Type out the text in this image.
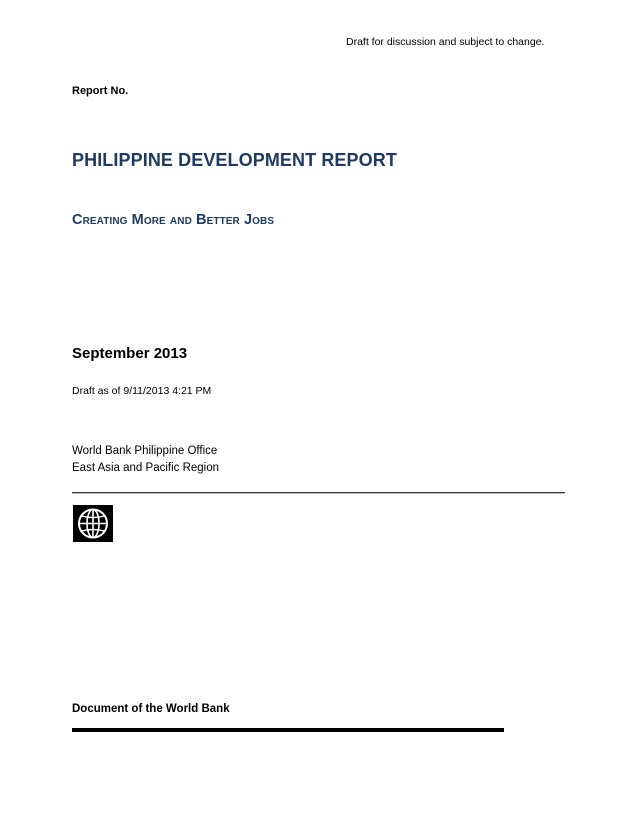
Draft for discussion and subject to change.
Report No.
PHILIPPINE DEVELOPMENT REPORT
Creating More and Better Jobs
September 2013
Draft as of 9/11/2013 4:21 PM
World Bank Philippine Office
East Asia and Pacific Region
Document of the World Bank
